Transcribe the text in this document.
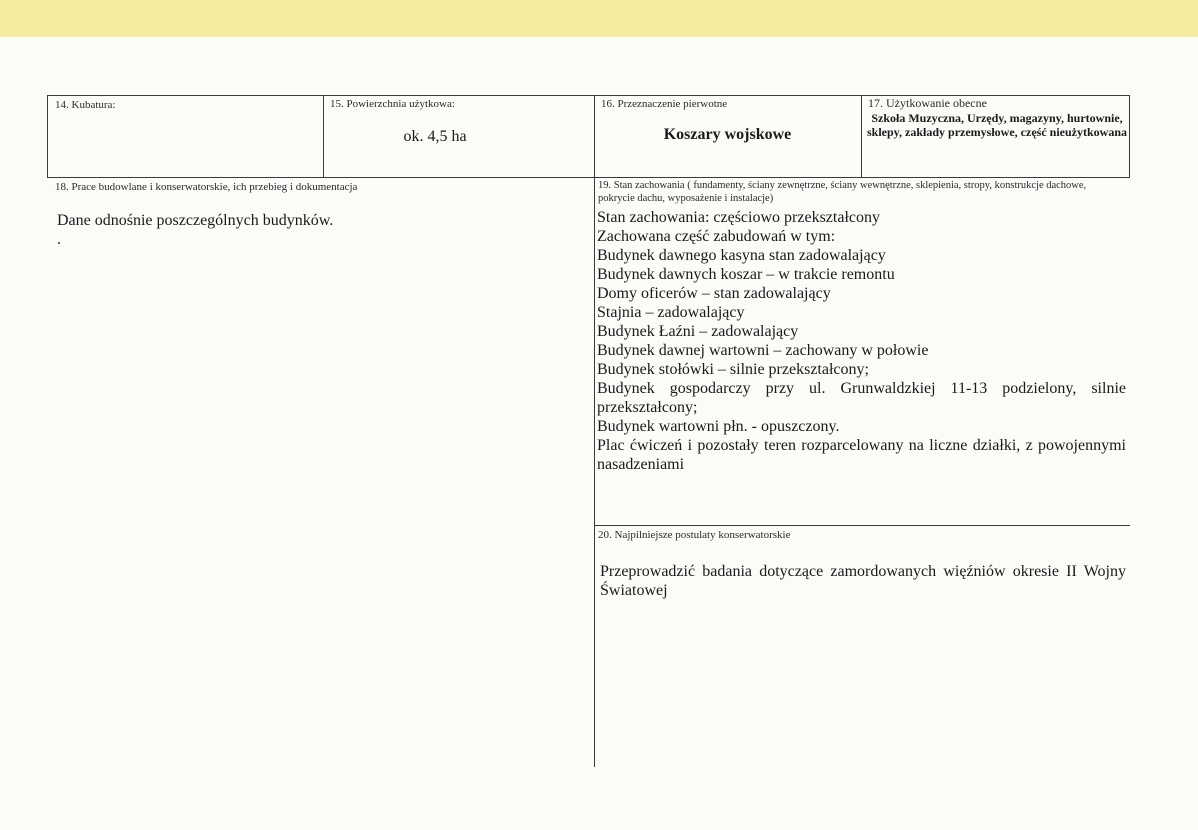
14. Kubatura:	15. Powierzchnia użytkowa:
ok. 4,5 ha
16. Przeznaczenie pierwotne
Koszary wojskowe
17. Użytkowanie obecne
Szkoła Muzyczna, Urzędy, magazyny, hurtownie, sklepy, zakłady przemysłowe, część nieużytkowana
18. Prace budowlane i konserwatorskie, ich przebieg i dokumentacja
Dane odnośnie poszczególnych budynków.
.
19. Stan zachowania ( fundamenty, ściany zewnętrzne, ściany wewnętrzne, sklepienia, stropy, konstrukcje dachowe, pokrycie dachu, wyposażenie i instalacje)
Stan zachowania: częściowo przekształcony
Zachowana część zabudowań w tym:
Budynek dawnego kasyna stan zadowalający
Budynek dawnych koszar – w trakcie remontu
Domy oficerów – stan zadowalający
Stajnia – zadowalający
Budynek Łaźni – zadowalający
Budynek dawnej wartowni – zachowany w połowie
Budynek stołówki – silnie przekształcony;
Budynek gospodarczy przy ul. Grunwaldzkiej 11-13 podzielony, silnie przekształcony;
Budynek wartowni płn. - opuszczony.
Plac ćwiczeń i pozostały teren rozparcelowany na liczne działki, z powojennymi nasadzeniami
20. Najpilniejsze postulaty konserwatorskie
Przeprowadzić badania dotyczące zamordowanych więźniów okresie II Wojny Światowej
